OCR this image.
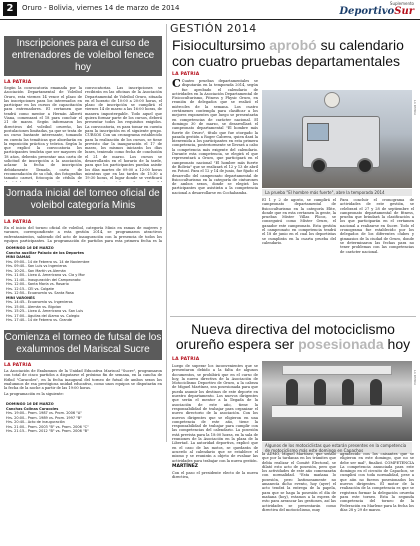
2	Oruro - Bolivia, viernes 14 de marzo de 2014
Suplemento
DeportivoSur
Inscripciones para el curso de entrenadores de voleibol fenece hoy
LA PATRIA

Según la convocatoria emanada por la Asociación Departamental de Voleibol Oruro, esta viernes 14 vence el plazo de las inscripciones para los interesados en participar en los cursos de capacitación para entrenadores. El certamen que tendrá como mentor a Hernán Alberti Viana, comenzará el 18 para concluir el 21 de marzo. Según informaron los directivos del voleibol orureño, las postulaciones limitadas, ya que se trata de un curso bastante interesante, tomando en cuenta las temáticas que abordarán en la exposición práctica y teórica. Según lo que explicó la convocatoria los participantes tendrán que ser mayores de 18 años, deberán presentar una carta de solicitud de inscripción a la asociación, aclarar la fecha de inscripción debidamente llenada, carta de recomendación de su club, dos fotografías tamaño carnet, fotocopia de cédula de

convocatorias. Las inscripciones se recibirán en las oficinas de la Asociación Departamental de Voleibol Oruro, situada en el horario de 10:00 a 20:00 horas, el plazo de inscripción se cumplirá el viernes 14 de marzo a las 16:00 horas, de manera impostergable. Todo aquel que quiera formar parte de los cursos, deberá presentar todos los requisitos exigidos. La convocatoria, es para tomar en cuenta para la inscripción en el siguiente grupo. CURSOS Con un cronograma establecido para la realización de los cursos, se tiene previsto dar la inauguración el 17 de marzo, los mismos iniciarán los días lunes, teniendo como fecha de conclusión el 21 de marzo. Los cursos se desarrollarán en el horario de la tarde, para que los participantes puedan asistir los días martes de 09:00 a 12:00 horas mientras que en las tardes de 15:30 a 19:30 horas, el lugar donde se verificará

Jornada inicial del torneo oficial de voleibol categoría Minis
LA PATRIA

En el inicio del torneo oficial de voleibol, categoría Minis en ramas de mujeres y varones, correspondiente a esta gestión 2014, se programaron atractivos enfrentamientos, sabiendo del acto de inauguración con la presencia de todos los equipos participantes. La programación de partidos para esta primera fecha es la

DOMINGO 16 DE MARZO
Cancha auxiliar Palacio de los Deportes
MINI DAMAS
Hrs. 09:00.- 14 de Febrero vs. 14 de Noviembre
Hrs. 09:40.- San Luis vs Ingenieros
Hrs. 10:20.- San Martín vs Alemán
Hrs. 11:00.- Liceo A. Americano vs. Cía y Mor
Hrs. 11:40.- Inauguración del Campeonato
Hrs. 12:00.- Santa María vs. Rosario
Hrs. 12:15.- CEI vs. Colgate
Hrs. 12:50.- Ecuanomía vs. Santa Rosa
MINI VARONES
Hrs. 14:45.- Ecuanomía vs. Ingenieros
Hrs. 15:00.- Alemán vs. Bigvian
Hrs. 15:25.- Liceo A. Americano vs. San Luis
Hrs. 17:00.- Aguilas del Alamo vs. Colegio
Hrs. 17:40.- 14 de Febrero vs. Grande
Comienza el torneo de futsal de los exalumnos del Mariscal Sucre
LA PATRIA

La Asociación de Exalumnos de la Unidad Educativa Mariscal "Sucre", programaron con total de cinco partidos a disputarse el próximo fin de semana, en la cancha de fútbol "Caracoles", en la fecha inaugural del torneo de futsal de ambos sexos los exalumnos de esa prestigiosa unidad educativa, como unos equipos se disputarán en la fecha de la noche a partir de las 19:00 horas.

La programación es la siguiente:

DOMINGO 16 DE MARZO
Canchas Colinas Caracoles
Hrs. 19:00.- Prom. 1987 vs. Prom. 2006 "A"
Hrs. 20:00.- Prom. 1989 vs. Prom. 1997 "B"
Hrs. 20:40.- Acto de inauguración
Hrs. 21:00.- Prom. 2003 "B" vs. Prom. 2006 "C"
Hrs. 21:15.- Prom. 2012 "B" vs. Prom. 2006 "B"
GESTIÓN 2014
Fisiocultursimo aprobó su calendario con cuatro pruebas departamentales
LA PATRIA

C Cuatro pruebas departamentales se disputarán en la temporada 2014, según fue aprobado el calendario de actividades en la Asociación Departamental de Fisicoculturismo, Fitness y Physic Oruro, en reunión de delegados que se realizó el miércoles de la semana. Los cuatro certámenes contempla para clasificar a los mejores exponentes que luego se presentarán en competencias de carácter nacional. El domingo 30 de marzo, se desarrollará el campeonato departamental "El hombre más fuerte de Oruro", título que fue otorgado la pasada gestión a Roger Cabrera, quien dará la bienvenida a los participantes en esta primera competencia, posteriormente se llevará a cabo la competencia más exigente del calendario. Durante esta competencia, se elegirá el que representará a Oruro, que participará en el campeonato nacional "El hombre más fuerte de Bolivia" que se realizará el 12 y 13 de abril en Potosí. Para el 12 y 14 de junio, fue fijado el desarrollo del campeonato departamental de fisicoculturismo en la categoría de cinturones de ambos sexos, donde se elegirá los participantes que asistirán a la competencia nacional a desarrollarse en Cochabamba.

LA PATRIA
La prueba "El hombre más fuerte", abre la temporada 2014

El 1 y 2 de agosto, se cumplirá el campeonato departamental de fisicoculturismo en la categoría Elite, donde que en esta certamen la gente, la pruebas Mister Villas Plicos, se conseguirá como Míster Oruro, el ganador este campeonato. Esta gestión el campeonato en competencia tendrá el 18 de junio en el cual los deportistas se cumplirán en la cuarta prueba del calendario.

Para concluir el cronograma de actividades de este gestión, se celebrará el 27 y 28 de septiembre el campeonato departamental de fitness, prueba que brindará la clasificación a los que participarán en el certamen nacional a realizarse en Sucre. Todo el cronograma fue establecido por los delegados de los diferentes clubes y gimnasios de la ciudad de Oruro, donde se determinaron las fechas para no tener problemas con las competencias de carácter nacional.

Nueva directiva del motociclismo orureño espera ser posesionada hoy
LA PATRIA

Luego de superar los inconvenientes que se presentaron debido a la falta de algunos documentos, se prohibirá que en el curso de hoy, la nueva directiva de la Asociación de Motociclismo Deportivo de Oruro, a la cabeza de Miguel Martínez, sea posesionada para que pueda asumir los destinos de este deporte en nuestro departamento. Los nuevos dirigentes que serán el mentor a la llegada de la asociación de este año, tiene la responsabilidad de trabajar para organizar el nuevo directorio de la asociación. Con los nuevos dirigentes que se eligieron en una competencia de este año, tiene la responsabilidad de trabajar para cumplir con las competencias del calendario. La posesión está prevista para la 18:00 horas, en la sala de reuniones de la Asociación en la plaza de la Libertad. La autoridad deportiva, explicó que en el caso de las motos, se quedarán de acuerdo al calendario que se establece el mismo y se reunirán a objeto de evaluar las actividades para trabajar con la nueva gestión.

MARTÍNEZ

Con el paso el presidente electo de la nueva directiva,

LA PATRIA
Algunos de los motociclistas que estarán presentes en la competencia de motociclismo más este domingo en Capachos

la ADMO, Miguel Martínez, que señaló que por la tardanza en los trámites que debía realizar el Comité Electoral, se dilató esto acto de posesión, pero que los actividades de este año comenzarán con normalidad. "Esta mañana lo posesión, pero lastimosamente no amanecía dicho evento, hoy (ayer) el acto tendrá la entrega de la papela, para que se haga la posesión el día de mañana (hoy), estamos a la espera de esto para arrancar las gestiones, así las actividades se presentarán como directiva del motociclismo, muy

agradecido con los caisantes que se eligieron en este domingo, que no se debe ser mal", finalizó. COMPETENCIA La competencia anunciada para este domingo en el circuito de Capachos, se cumplirá con toda normalidad, pese a que aún no fueron posesionados los nuevos dirigentes. El motor de la realización de la competencia es que se registran formar la delegación orureña para este torneo. Esta la segunda competencia del torneo de la Federación en Marlene para la fecha los días 28 y 29 de marzo.
